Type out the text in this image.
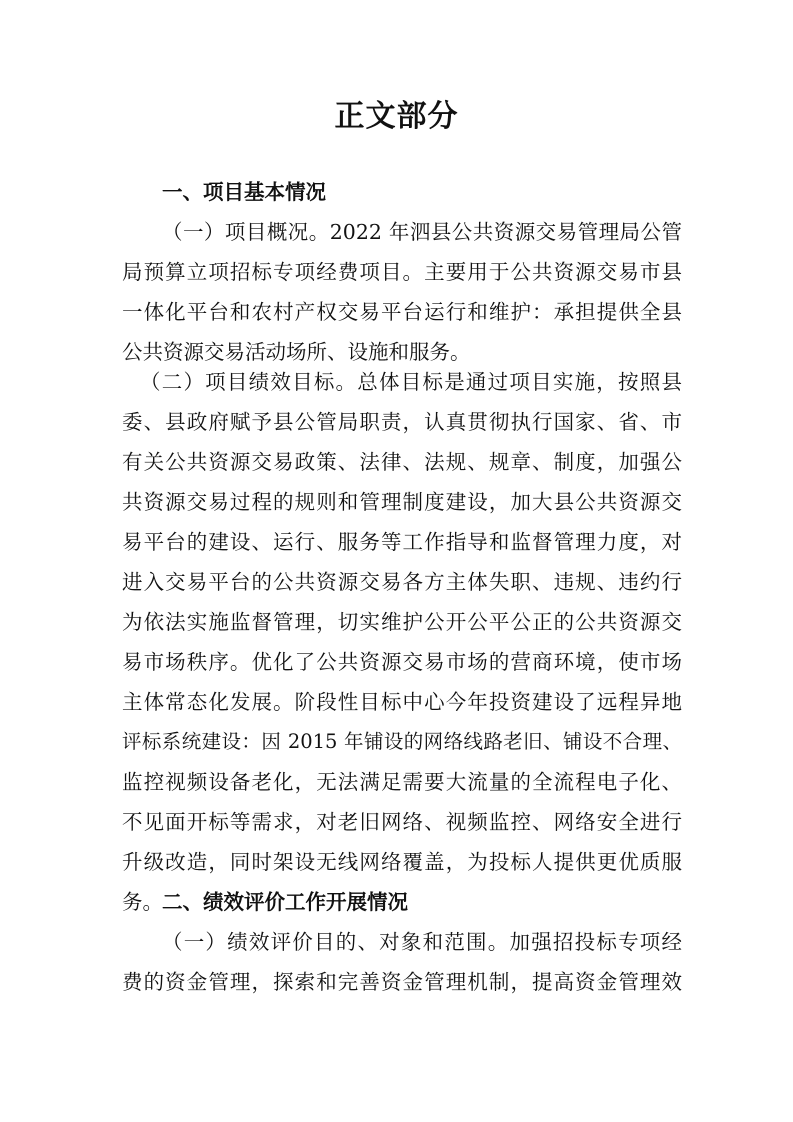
正文部分
一、项目基本情况
（一）项目概况。2022 年泗县公共资源交易管理局公管
局预算立项招标专项经费项目。主要用于公共资源交易市县
一体化平台和农村产权交易平台运行和维护：承担提供全县
公共资源交易活动场所、设施和服务。
（二）项目绩效目标。总体目标是通过项目实施，按照县
委、县政府赋予县公管局职责，认真贯彻执行国家、省、市
有关公共资源交易政策、法律、法规、规章、制度，加强公
共资源交易过程的规则和管理制度建设，加大县公共资源交
易平台的建设、运行、服务等工作指导和监督管理力度，对
进入交易平台的公共资源交易各方主体失职、违规、违约行
为依法实施监督管理，切实维护公开公平公正的公共资源交
易市场秩序。优化了公共资源交易市场的营商环境，使市场
主体常态化发展。阶段性目标中心今年投资建设了远程异地
评标系统建设：因 2015 年铺设的网络线路老旧、铺设不合理、
监控视频设备老化，无法满足需要大流量的全流程电子化、
不见面开标等需求，对老旧网络、视频监控、网络安全进行
升级改造，同时架设无线网络覆盖，为投标人提供更优质服
务。 二、绩效评价工作开展情况
（一）绩效评价目的、对象和范围。加强招投标专项经
费的资金管理，探索和完善资金管理机制，提高资金管理效
